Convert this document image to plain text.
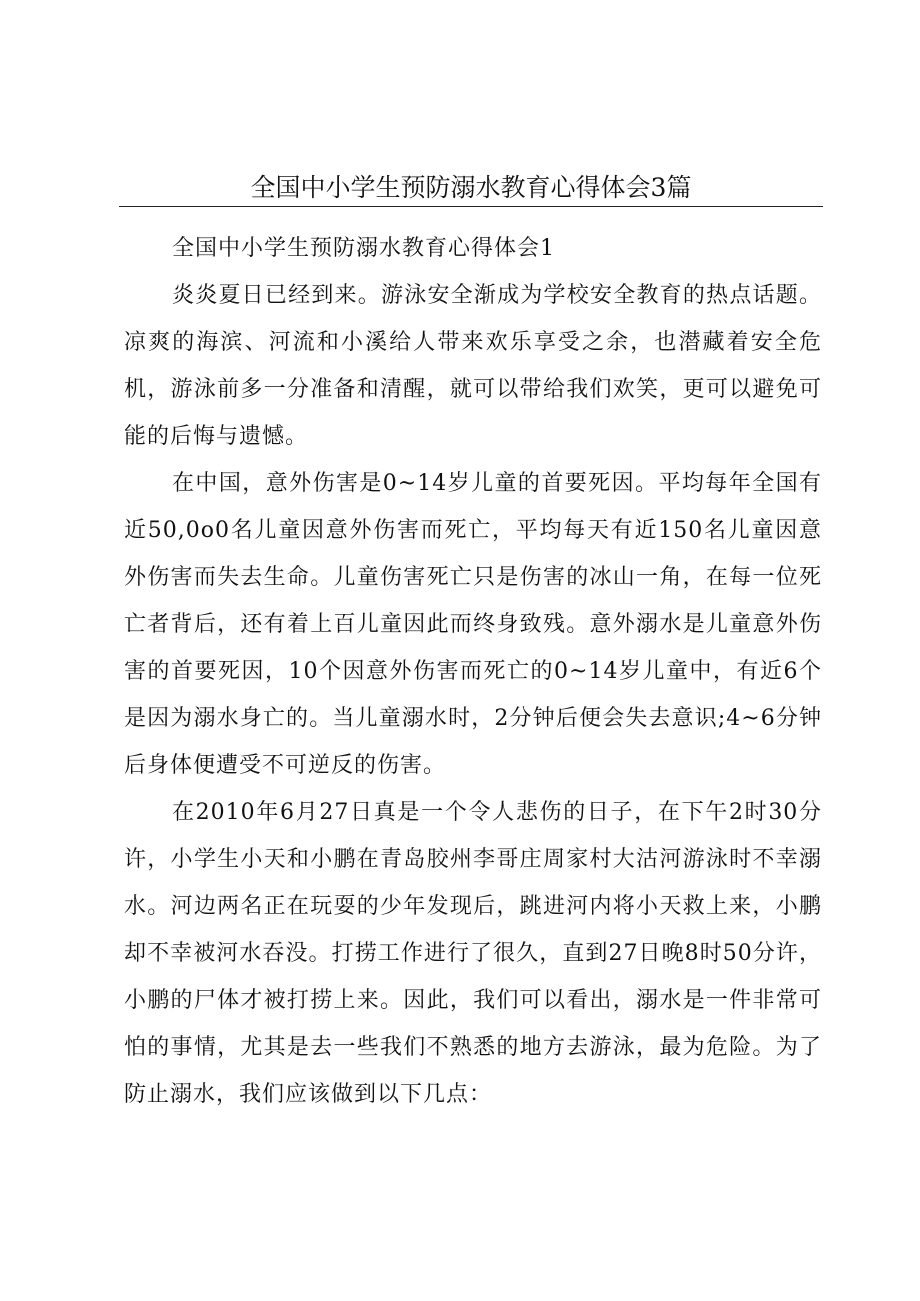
全国中小学生预防溺水教育心得体会3篇

全国中小学生预防溺水教育心得体会1

炎炎夏日已经到来。游泳安全渐成为学校安全教育的热点话题。凉爽的海滨、河流和小溪给人带来欢乐享受之余，也潜藏着安全危机，游泳前多一分准备和清醒，就可以带给我们欢笑，更可以避免可能的后悔与遗憾。

在中国，意外伤害是0~14岁儿童的首要死因。平均每年全国有近50,0o0名儿童因意外伤害而死亡，平均每天有近150名儿童因意外伤害而失去生命。儿童伤害死亡只是伤害的冰山一角，在每一位死亡者背后，还有着上百儿童因此而终身致残。意外溺水是儿童意外伤害的首要死因，10个因意外伤害而死亡的0~14岁儿童中，有近6个是因为溺水身亡的。当儿童溺水时，2分钟后便会失去意识;4~6分钟后身体便遭受不可逆反的伤害。

在2010年6月27日真是一个令人悲伤的日子，在下午2时30分许，小学生小天和小鹏在青岛胶州李哥庄周家村大沽河游泳时不幸溺水。河边两名正在玩耍的少年发现后，跳进河内将小天救上来，小鹏却不幸被河水吞没。打捞工作进行了很久，直到27日晚8时50分许，小鹏的尸体才被打捞上来。因此，我们可以看出，溺水是一件非常可怕的事情，尤其是去一些我们不熟悉的地方去游泳，最为危险。为了防止溺水，我们应该做到以下几点：
